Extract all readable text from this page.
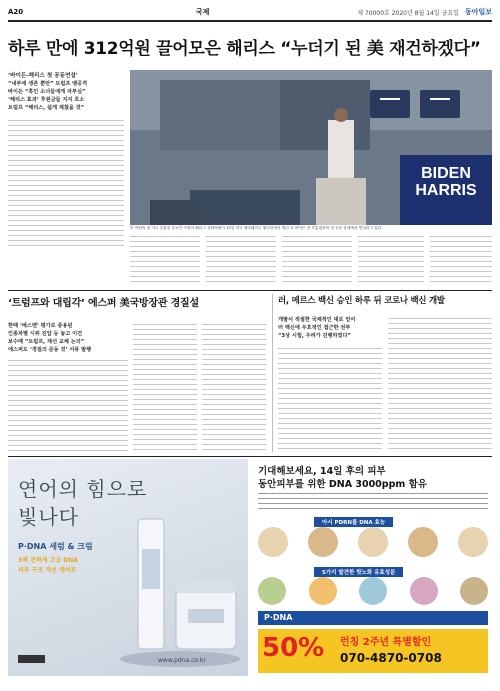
A20	국제	제 70000호 2020년 8월 14일 금요일 동아일보
하루 만에 312억원 끌어모은 해리스 “누더기 된 美 재건하겠다”
‘바이든-해리스 첫 공동연설’
“내부에 생존 뿐만” 트럼프 맹공격
바이든 “흑인 소녀들에게 자부심”
‘해리스 효과’ 후원금들 지지 호소
트럼프 “해리스, 쉽게 제쳤을 것”
BIDEN
HARRIS
미 하원의 첫 미국 부통령 후보인 카멀라 해리스 상원의원이 12일 미국 델라웨어주 윌밍턴에서 열린 조 바이든 전 부통령과의 첫 공동 유세에서 연설하고 있다.
‘트럼프와 대립각’ 에스퍼 美국방장관 경질설
한때 ‘예스맨’ 평가로 중용된
인종차별 시위 진압 등 놓고 이견
보수매 “트럼프, 재선 교체 논의”
에스퍼도 ‘경질의 준동 것’ 서류 발행
러, 메르스 백신 승인 하루 뒤 코로나 백신 개발
개발서 적절한 국제적인 대로 얻어
러 백신에 우호적인 접근한 전부
“3상 시험, 우려가 진행하였다”
연어의 힘으로
빛나다
P·DNA 세럼 & 크림
3배 진하게 고급 DNA
피부 구조 개선 케어로

www.pdna.co.kr
기대해보세요, 14일 후의 피부
동안피부를 위한 DNA 3000ppm 함유
아시 PDRN를 DNA 효능
5가지 발견한 핫노화 유효성분
P·DNA
50% 런칭 2주년 특별할인
070-4870-0708
